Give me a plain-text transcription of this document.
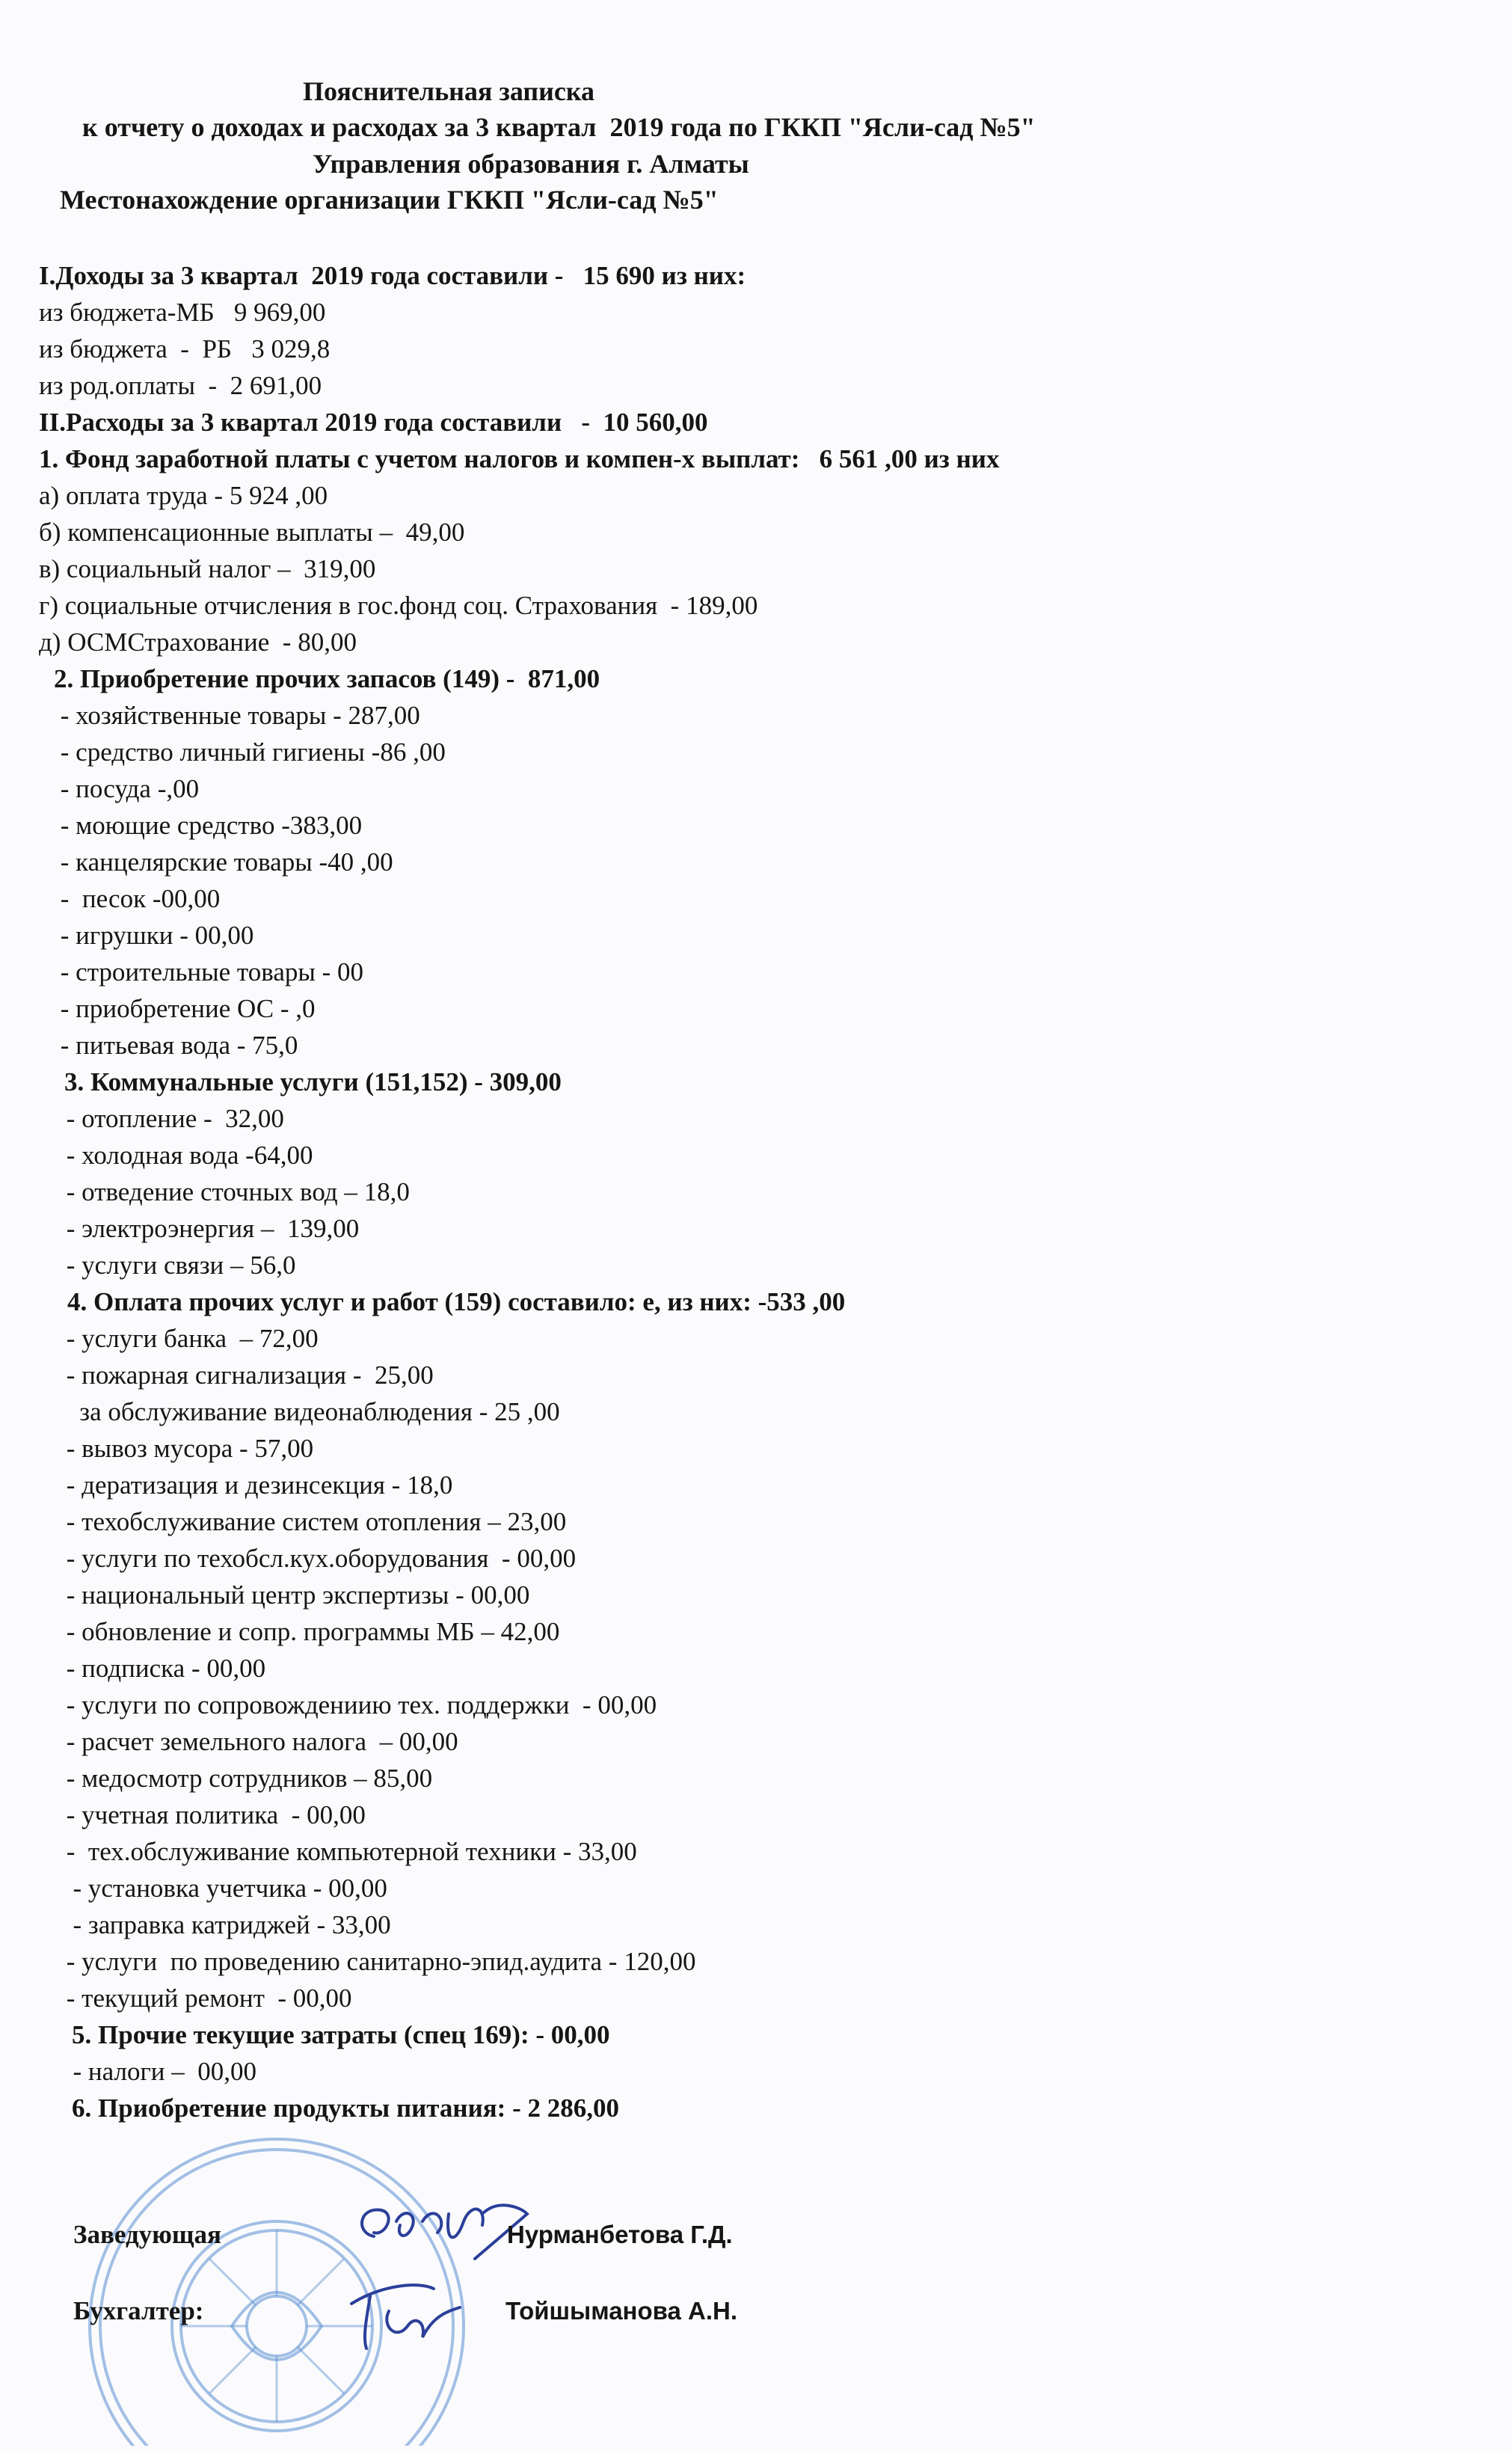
Пояснительная записка
к отчету о доходах и расходах за 3 квартал  2019 года по ГККП "Ясли-сад №5"
Управления образования г. Алматы
Местонахождение организации ГККП "Ясли-сад №5"
I.Доходы за 3 квартал  2019 года составили -   15 690 из них:
из бюджета-МБ   9 969,00
из бюджета  -  РБ   3 029,8
из род.оплаты  -  2 691,00
II.Расходы за 3 квартал 2019 года составили   -  10 560,00
1. Фонд заработной платы с учетом налогов и компен-х выплат:   6 561 ,00 из них
а) оплата труда - 5 924 ,00
б) компенсационные выплаты –  49,00
в) социальный налог –  319,00
г) социальные отчисления в гос.фонд соц. Страхования  - 189,00
д) ОСМСтрахование  - 80,00
2. Приобретение прочих запасов (149) -  871,00
- хозяйственные товары - 287,00
- средство личный гигиены -86 ,00
- посуда -,00
- моющие средство -383,00
- канцелярские товары -40 ,00
-  песок -00,00
- игрушки - 00,00
- строительные товары - 00
- приобретение ОС - ,0
- питьевая вода - 75,0
3. Коммунальные услуги (151,152) - 309,00
- отопление -  32,00
- холодная вода -64,00
- отведение сточных вод – 18,0
- электроэнергия –  139,00
- услуги связи – 56,0
4. Оплата прочих услуг и работ (159) составило: е, из них: -533 ,00
- услуги банка  – 72,00
- пожарная сигнализация -  25,00
за обслуживание видеонаблюдения - 25 ,00
- вывоз мусора - 57,00
- дератизация и дезинсекция - 18,0
- техобслуживание систем отопления – 23,00
- услуги по техобсл.кух.оборудования  - 00,00
- национальный центр экспертизы - 00,00
- обновление и сопр. программы МБ – 42,00
- подписка - 00,00
- услуги по сопровождениию тех. поддержки  - 00,00
- расчет земельного налога  – 00,00
- медосмотр сотрудников – 85,00
- учетная политика  - 00,00
-  тех.обслуживание компьютерной техники - 33,00
- установка учетчика - 00,00
- заправка катриджей - 33,00
- услуги  по проведению санитарно-эпид.аудита - 120,00
- текущий ремонт  - 00,00
5. Прочие текущие затраты (спец 169): - 00,00
- налоги –  00,00
6. Приобретение продукты питания: - 2 286,00
Заведующая	Нурманбетова Г.Д.
Бухгалтер:	Тойшыманова А.Н.
